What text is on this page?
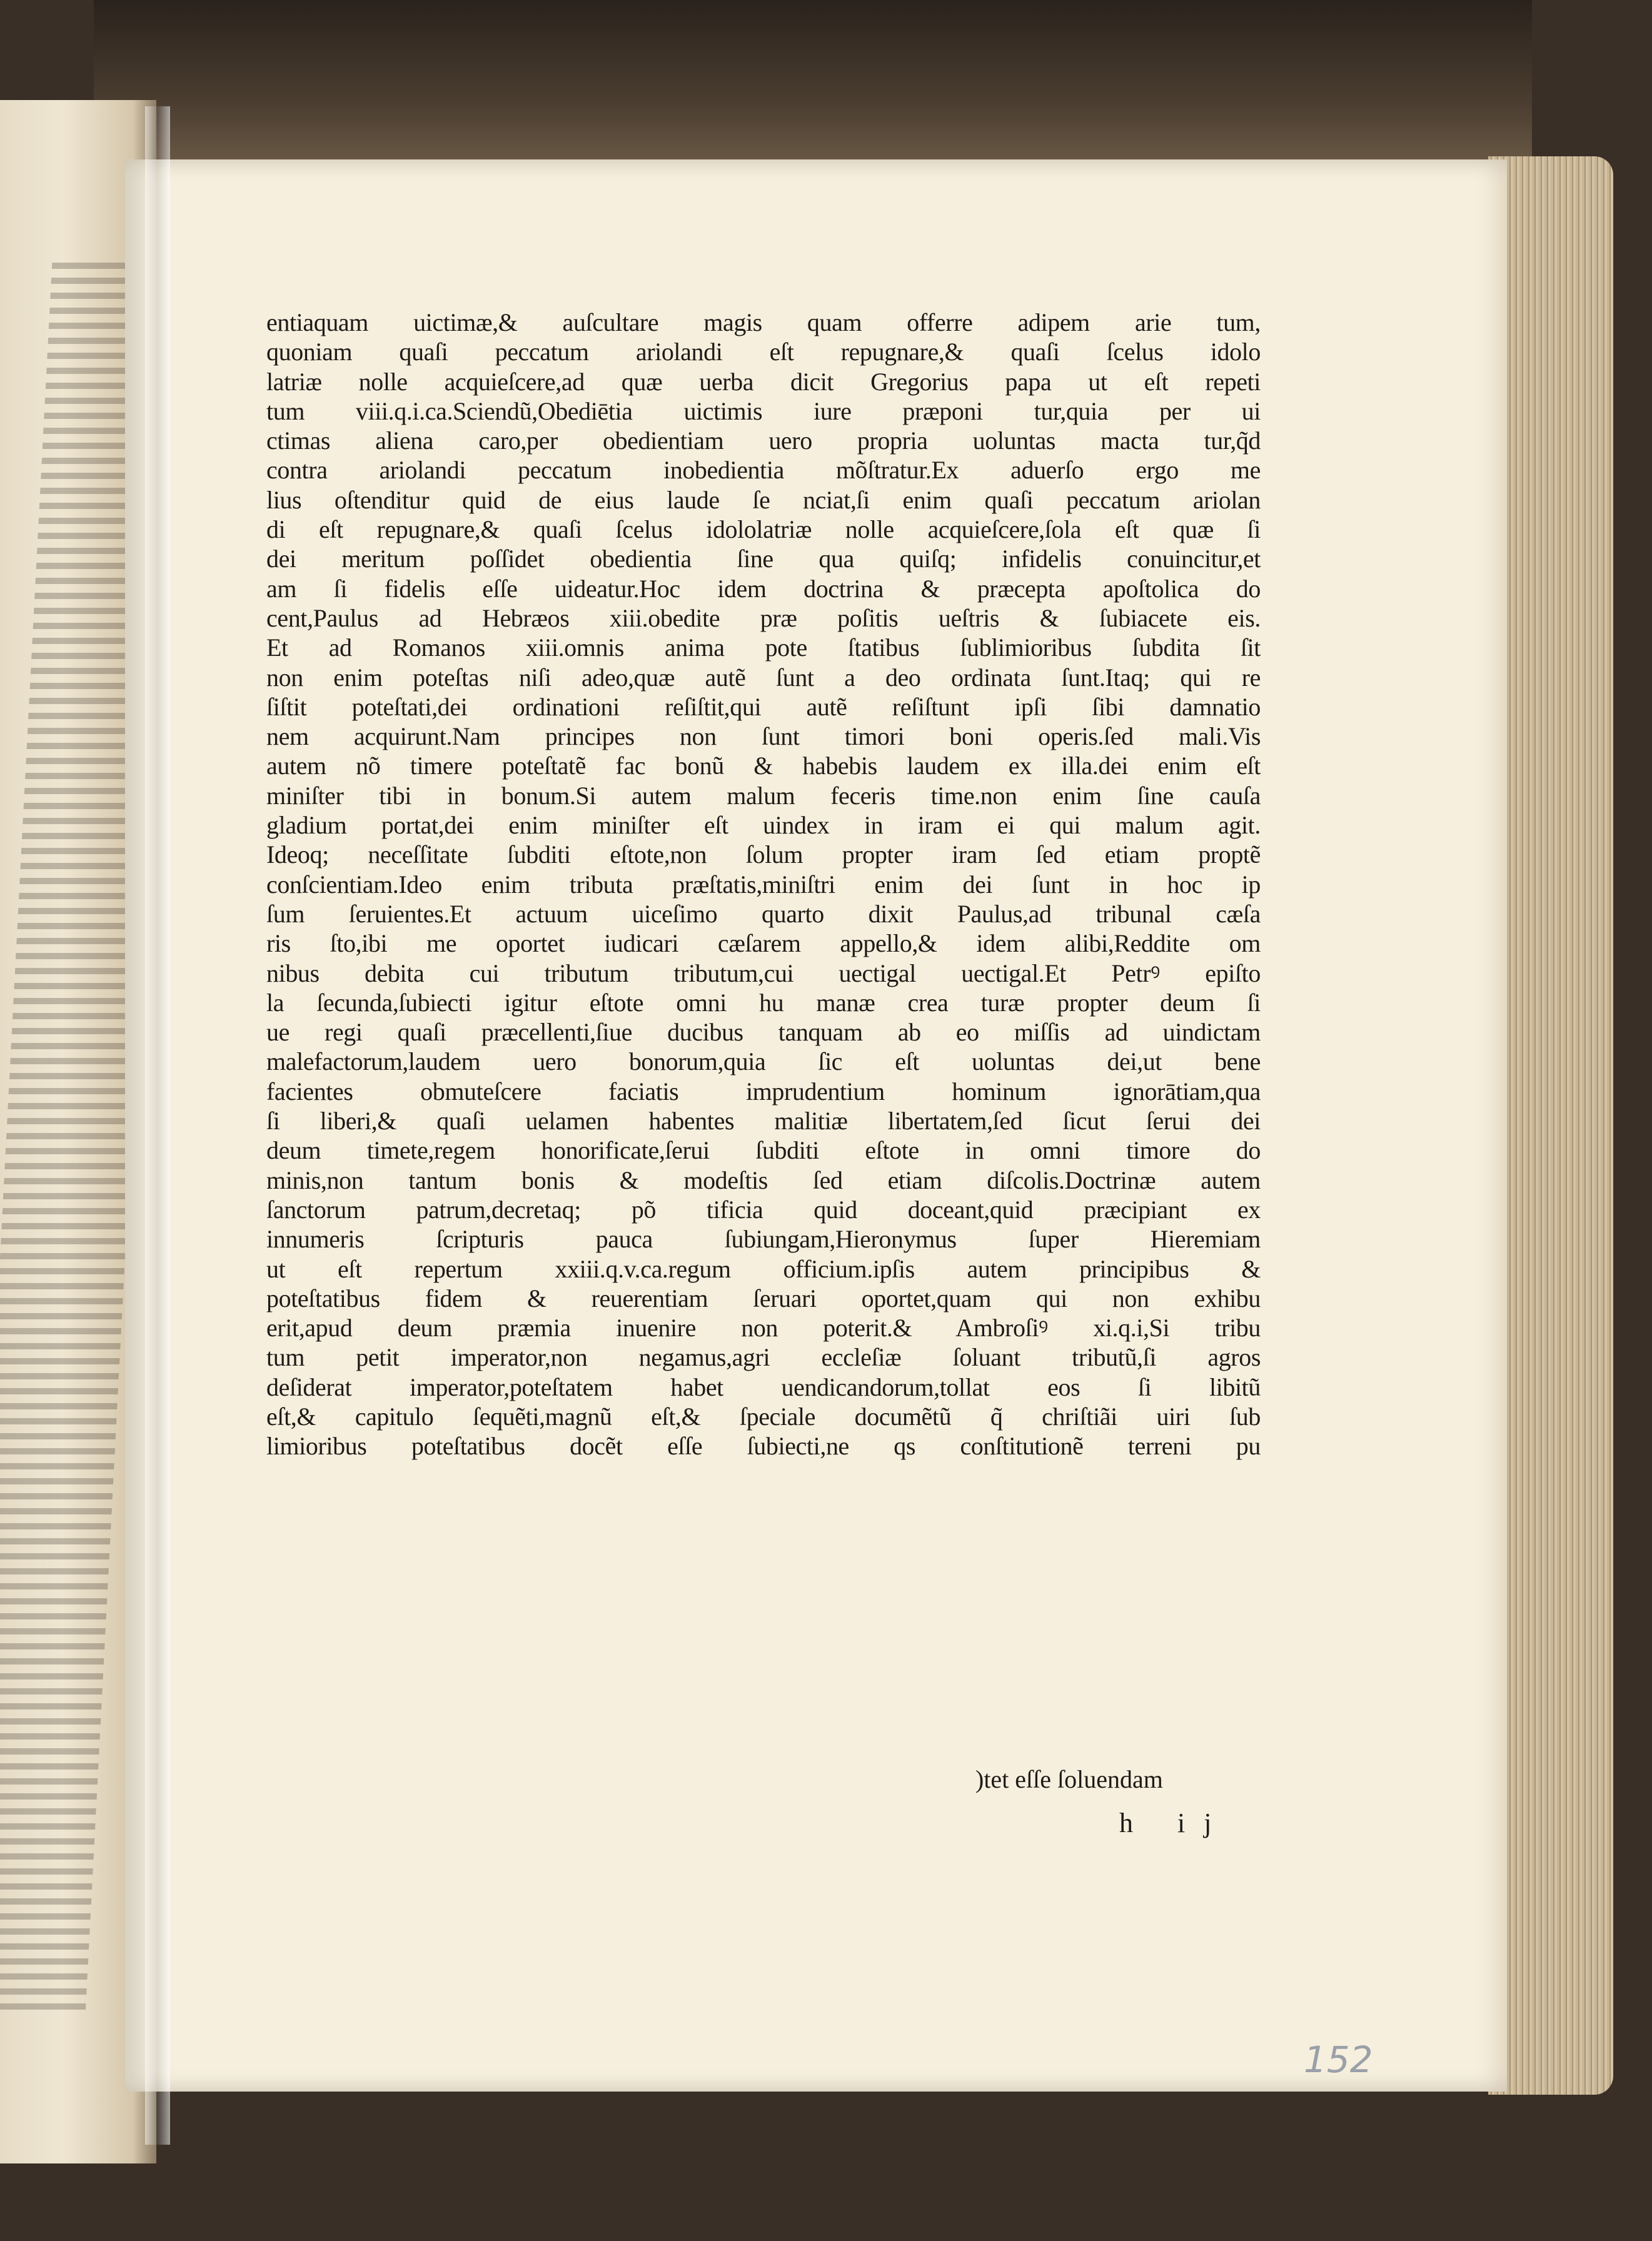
entiaquam uictimæ,& auſcultare magis quam offerre adipem arie tum,
quoniam quaſi peccatum ariolandi eſt repugnare,& quaſi ſcelus idolo
latriæ nolle acquieſcere,ad quæ uerba dicit Gregorius papa ut eſt repeti
tum viii.q.i.ca.Sciendũ,Obediētia uictimis iure præponi tur,quia per ui
ctimas aliena caro,per obedientiam uero propria uoluntas macta tur,q̃d
contra ariolandi peccatum inobedientia mõſtratur.Ex aduerſo ergo me
lius oſtenditur quid de eius laude ſe nciat,ſi enim quaſi peccatum ariolan
di eſt repugnare,& quaſi ſcelus idololatriæ nolle acquieſcere,ſola eſt quæ ſi
dei meritum poſſidet obedientia ſine qua quiſq; infidelis conuincitur,et
am ſi fidelis eſſe uideatur.Hoc idem doctrina & præcepta apoſtolica do
cent,Paulus ad Hebræos xiii.obedite præ poſitis ueſtris & ſubiacete eis.
Et ad Romanos xiii.omnis anima pote ſtatibus ſublimioribus ſubdita ſit
non enim poteſtas niſi adeo,quæ autẽ ſunt a deo ordinata ſunt.Itaq; qui re
ſiſtit poteſtati,dei ordinationi reſiſtit,qui autẽ reſiſtunt ipſi ſibi damnatio
nem acquirunt.Nam principes non ſunt timori boni operis.ſed mali.Vis
autem nõ timere poteſtatẽ fac bonũ & habebis laudem ex illa.dei enim eſt
miniſter tibi in bonum.Si autem malum feceris time.non enim ſine cauſa
gladium portat,dei enim miniſter eſt uindex in iram ei qui malum agit.
Ideoq; neceſſitate ſubditi eſtote,non ſolum propter iram ſed etiam proptẽ
conſcientiam.Ideo enim tributa præſtatis,miniſtri enim dei ſunt in hoc ip
ſum ſeruientes.Et actuum uiceſimo quarto dixit Paulus,ad tribunal cæſa
ris ſto,ibi me oportet iudicari cæſarem appello,& idem alibi,Reddite om
nibus debita cui tributum tributum,cui uectigal uectigal.Et Petrꝰ epiſto
la ſecunda,ſubiecti igitur eſtote omni hu manæ crea turæ propter deum ſi
ue regi quaſi præcellenti,ſiue ducibus tanquam ab eo miſſis ad uindictam
malefactorum,laudem uero bonorum,quia ſic eſt uoluntas dei,ut bene
facientes obmuteſcere faciatis imprudentium hominum ignorātiam,qua
ſi liberi,& quaſi uelamen habentes malitiæ libertatem,ſed ſicut ſerui dei
deum timete,regem honorificate,ſerui ſubditi eſtote in omni timore do
minis,non tantum bonis & modeſtis ſed etiam diſcolis.Doctrinæ autem
ſanctorum patrum,decretaq; põ tificia quid doceant,quid præcipiant ex
innumeris ſcripturis pauca ſubiungam,Hieronymus ſuper Hieremiam
ut eſt repertum xxiii.q.v.ca.regum officium.ipſis autem principibus &
poteſtatibus fidem & reuerentiam ſeruari oportet,quam qui non exhibu
erit,apud deum præmia inuenire non poterit.& Ambroſiꝰ xi.q.i,Si tribu
tum petit imperator,non negamus,agri eccleſiæ ſoluant tributũ,ſi agros
deſiderat imperator,poteſtatem habet uendicandorum,tollat eos ſi libitũ
eſt,& capitulo ſequẽti,magnũ eſt,& ſpeciale documẽtũ q̃ chriſtiãi uiri ſub
limioribus poteſtatibus docẽt eſſe ſubiecti,ne qs conſtitutionẽ terreni pu
)tet eſſe ſoluendam
h ij
152
